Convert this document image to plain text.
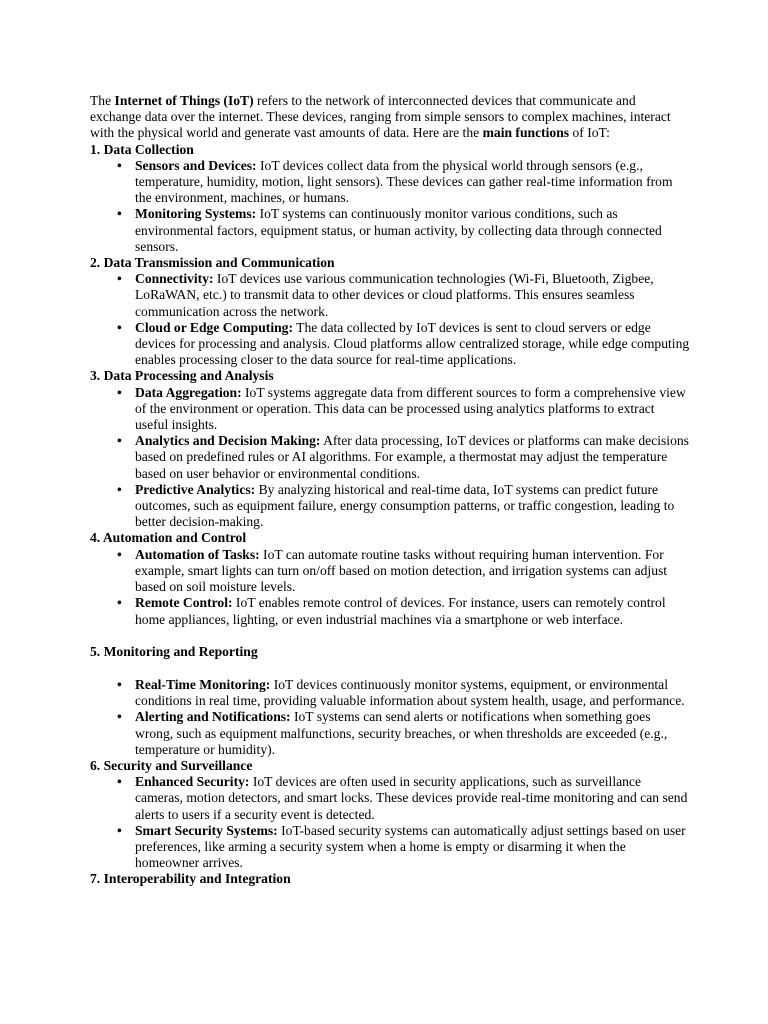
The Internet of Things (IoT) refers to the network of interconnected devices that communicate and exchange data over the internet. These devices, ranging from simple sensors to complex machines, interact with the physical world and generate vast amounts of data. Here are the main functions of IoT:

1. Data Collection

• Sensors and Devices: IoT devices collect data from the physical world through sensors (e.g., temperature, humidity, motion, light sensors). These devices can gather real-time information from the environment, machines, or humans.
• Monitoring Systems: IoT systems can continuously monitor various conditions, such as environmental factors, equipment status, or human activity, by collecting data through connected sensors.

2. Data Transmission and Communication

• Connectivity: IoT devices use various communication technologies (Wi-Fi, Bluetooth, Zigbee, LoRaWAN, etc.) to transmit data to other devices or cloud platforms. This ensures seamless communication across the network.
• Cloud or Edge Computing: The data collected by IoT devices is sent to cloud servers or edge devices for processing and analysis. Cloud platforms allow centralized storage, while edge computing enables processing closer to the data source for real-time applications.

3. Data Processing and Analysis

• Data Aggregation: IoT systems aggregate data from different sources to form a comprehensive view of the environment or operation. This data can be processed using analytics platforms to extract useful insights.
• Analytics and Decision Making: After data processing, IoT devices or platforms can make decisions based on predefined rules or AI algorithms. For example, a thermostat may adjust the temperature based on user behavior or environmental conditions.
• Predictive Analytics: By analyzing historical and real-time data, IoT systems can predict future outcomes, such as equipment failure, energy consumption patterns, or traffic congestion, leading to better decision-making.

4. Automation and Control

• Automation of Tasks: IoT can automate routine tasks without requiring human intervention. For example, smart lights can turn on/off based on motion detection, and irrigation systems can adjust based on soil moisture levels.
• Remote Control: IoT enables remote control of devices. For instance, users can remotely control home appliances, lighting, or even industrial machines via a smartphone or web interface.

5. Monitoring and Reporting

• Real-Time Monitoring: IoT devices continuously monitor systems, equipment, or environmental conditions in real time, providing valuable information about system health, usage, and performance.
• Alerting and Notifications: IoT systems can send alerts or notifications when something goes wrong, such as equipment malfunctions, security breaches, or when thresholds are exceeded (e.g., temperature or humidity).

6. Security and Surveillance

• Enhanced Security: IoT devices are often used in security applications, such as surveillance cameras, motion detectors, and smart locks. These devices provide real-time monitoring and can send alerts to users if a security event is detected.
• Smart Security Systems: IoT-based security systems can automatically adjust settings based on user preferences, like arming a security system when a home is empty or disarming it when the homeowner arrives.

7. Interoperability and Integration
